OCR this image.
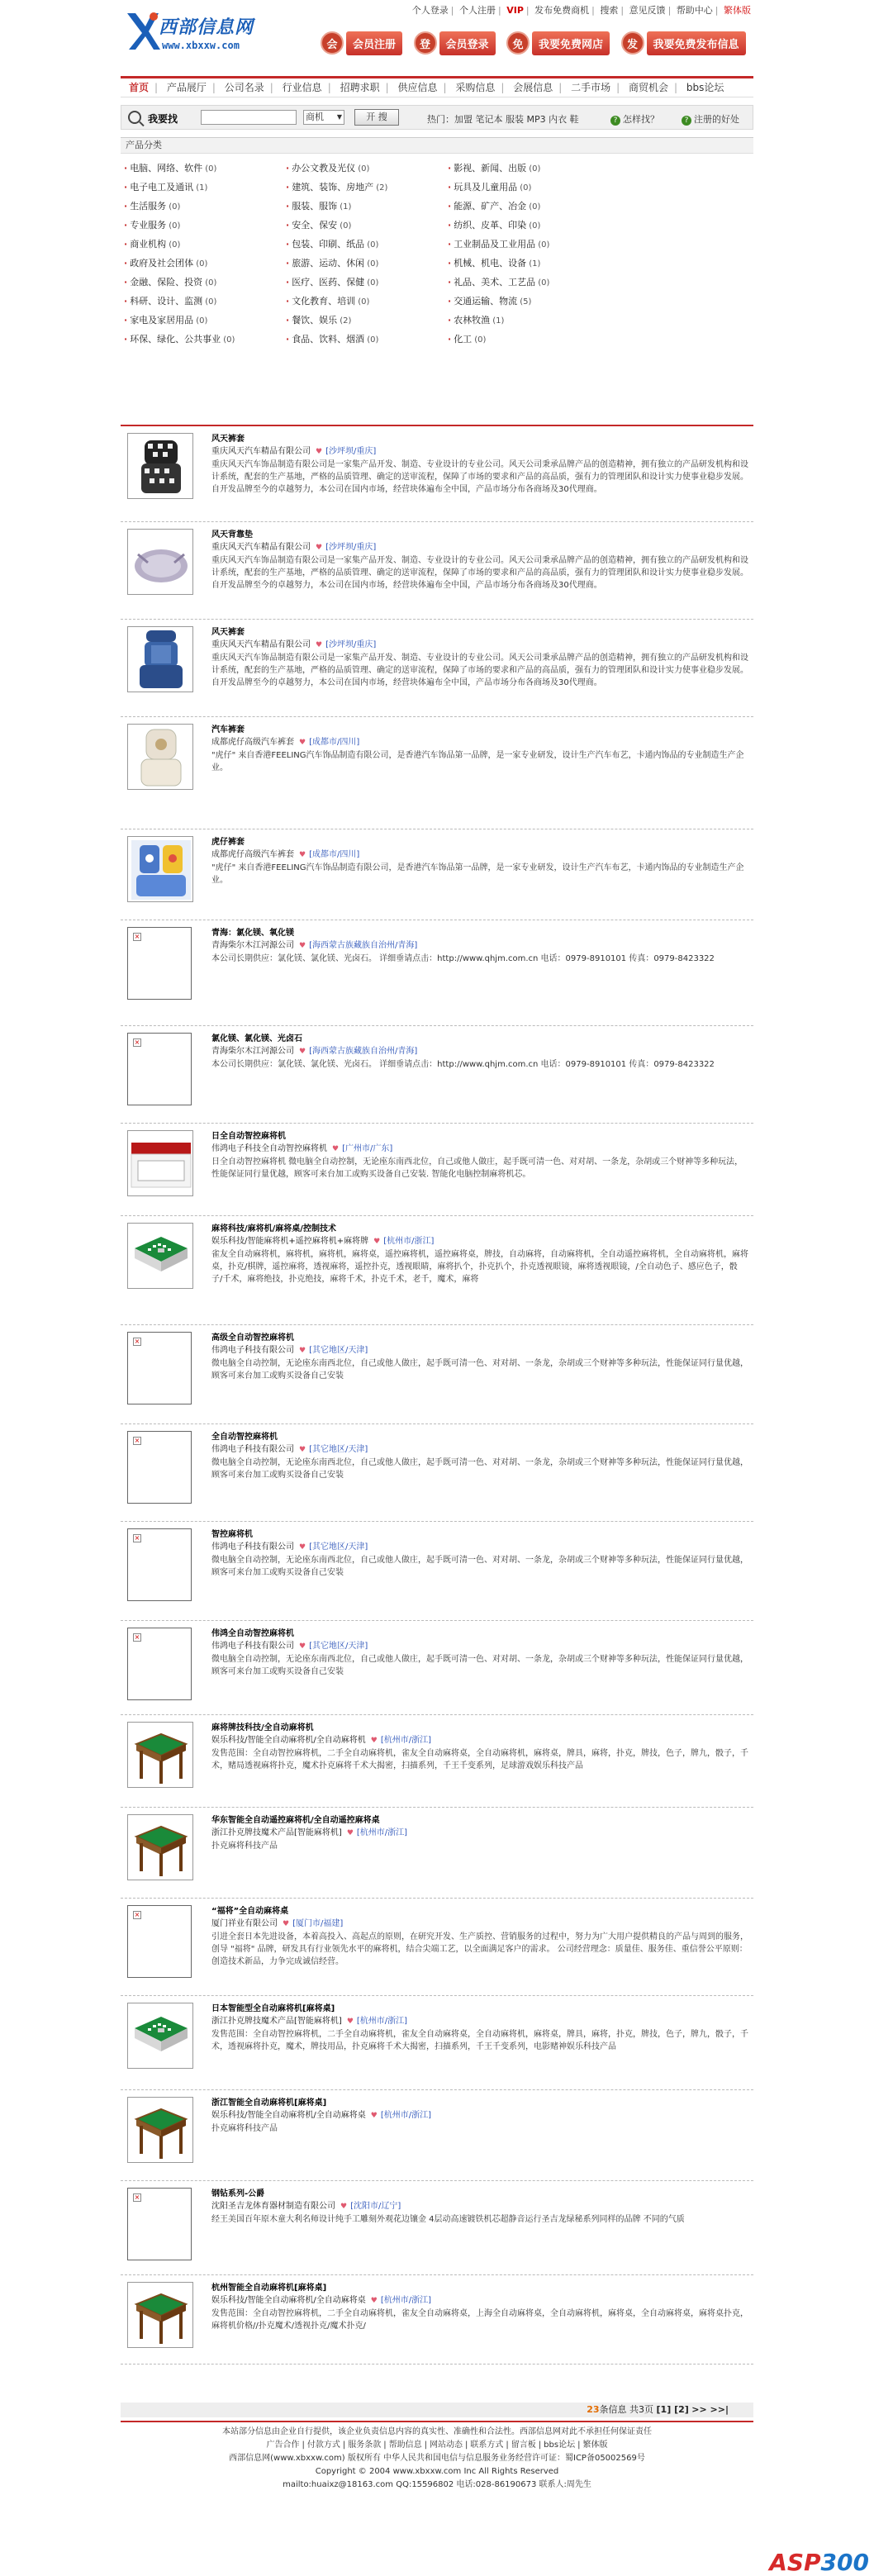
西部信息网
www.xbxxw.com
个人登录 | 个人注册 | VIP | 发布免费商机 | 搜索 | 意见反馈 | 帮助中心 | 繁体版
会	会员注册
	登	会员登录
	免	我要免费网店
	发	我要免费发布信息
首页 | 产品展厅 | 公司名录 | 行业信息 | 招聘求职 | 供应信息 | 采购信息 | 会展信息 | 二手市场 | 商贸机会 | bbs论坛
我要找	商机 ▼	开 搜	热门：加盟 笔记本 服装 MP3 内衣 鞋	? 怎样找？	? 注册的好处
产品分类
· 电脑、网络、软件 (0)	· 办公文教及光仪 (0)	· 影视、新闻、出版 (0)
· 电子电工及通讯 (1)	· 建筑、装饰、房地产 (2)	· 玩具及儿童用品 (0)
· 生活服务 (0)	· 服装、服饰 (1)	· 能源、矿产、冶金 (0)
· 专业服务 (0)	· 安全、保安 (0)	· 纺织、皮革、印染 (0)
· 商业机构 (0)	· 包装、印刷、纸品 (0)	· 工业制品及工业用品 (0)
· 政府及社会团体 (0)	· 旅游、运动、休闲 (0)	· 机械、机电、设备 (1)
· 金融、保险、投资 (0)	· 医疗、医药、保健 (0)	· 礼品、美术、工艺品 (0)
· 科研、设计、监测 (0)	· 文化教育、培训 (0)	· 交通运输、物流 (5)
· 家电及家居用品 (0)	· 餐饮、娱乐 (2)	· 农林牧渔 (1)
· 环保、绿化、公共事业 (0)	· 食品、饮料、烟酒 (0)	· 化工 (0)
风天裤套
重庆风天汽车精品有限公司 ♥ [沙坪坝/重庆]
重庆风天汽车饰品制造有限公司是一家集产品开发、制造、专业设计的专业公司。风天公司秉承品牌产品的创造精神，拥有独立的产品研发机构和设计系统，配套的生产基地，严格的品质管理、确定的送审流程，保障了市场的要求和产品的高品质，强有力的管理团队和设计实力使事业稳步发展。自开发品牌至今的卓越努力，本公司在国内市场，经营块体遍布全中国，产品市场分布各商场及30代理商。
风天背靠垫
重庆风天汽车精品有限公司 ♥ [沙坪坝/重庆]
重庆风天汽车饰品制造有限公司是一家集产品开发、制造、专业设计的专业公司。风天公司秉承品牌产品的创造精神，拥有独立的产品研发机构和设计系统，配套的生产基地，严格的品质管理、确定的送审流程，保障了市场的要求和产品的高品质，强有力的管理团队和设计实力使事业稳步发展。自开发品牌至今的卓越努力，本公司在国内市场，经营块体遍布全中国，产品市场分布各商场及30代理商。
风天裤套
重庆风天汽车精品有限公司 ♥ [沙坪坝/重庆]
重庆风天汽车饰品制造有限公司是一家集产品开发、制造、专业设计的专业公司。风天公司秉承品牌产品的创造精神，拥有独立的产品研发机构和设计系统，配套的生产基地，严格的品质管理、确定的送审流程，保障了市场的要求和产品的高品质，强有力的管理团队和设计实力使事业稳步发展。自开发品牌至今的卓越努力，本公司在国内市场，经营块体遍布全中国，产品市场分布各商场及30代理商。
汽车裤套
成都虎仔高级汽车裤套 ♥ [成都市/四川]
"虎仔" 来自香港FEELING汽车饰品制造有限公司，是香港汽车饰品第一品牌，是一家专业研发，设计生产汽车布艺，卡通内饰品的专业制造生产企业。
虎仔裤套
成都虎仔高级汽车裤套 ♥ [成都市/四川]
"虎仔" 来自香港FEELING汽车饰品制造有限公司，是香港汽车饰品第一品牌，是一家专业研发，设计生产汽车布艺，卡通内饰品的专业制造生产企业。
×	青海：氯化镁、氧化镁
青海柴尔木江河源公司 ♥ [海西蒙古族藏族自治州/青海]
本公司长期供应：氯化镁、氯化镁、光卤石。 详细垂请点击：http://www.qhjm.com.cn 电话：0979-8910101 传真：0979-8423322
×	氯化镁、氯化镁、光卤石
青海柴尔木江河源公司 ♥ [海西蒙古族藏族自治州/青海]
本公司长期供应：氯化镁、氯化镁、光卤石。 详细垂请点击：http://www.qhjm.com.cn 电话：0979-8910101 传真：0979-8423322
日全自动智控麻将机
伟鸿电子科技全自动智控麻将机 ♥ [广州市/广东]
日全自动智控麻将机 微电脑全自动控制，无论座东南西北位，自己或他人做庄，起手既可清一色、对对胡、一条龙，杂胡或三个财神等多种玩法，性能保证同行量优越，顾客可来台加工或购买设备自己安装. 智能化电脑控制麻将机芯。
麻将科技/麻将机/麻将桌/控制技术
娱乐科技/智能麻将机+遥控麻将机+麻将牌 ♥ [杭州市/浙江]
雀友全自动麻将机，麻将机，麻将机，麻将桌，遥控麻将机，遥控麻将桌，牌技，自动麻将，自动麻将机，全自动遥控麻将机，全自动麻将机，麻将桌，扑克/棋牌，遥控麻将，透视麻将，遥控扑克，透视眼睛，麻将扒个，扑克扒个，扑克透视眼镜，麻将透视眼镜，/全自动色子、感应色子，骰子/千术，麻将绝技，扑克绝技，麻将千术，扑克千术，老千，魔术，麻将
×	高级全自动智控麻将机
伟鸿电子科技有限公司 ♥ [其它地区/天津]
微电脑全自动控制，无论座东南西北位，自己或他人做庄，起手既可清一色、对对胡、一条龙，杂胡或三个财神等多种玩法，性能保证同行量优越，顾客可来台加工或购买设备自己安装
×	全自动智控麻将机
伟鸿电子科技有限公司 ♥ [其它地区/天津]
微电脑全自动控制，无论座东南西北位，自己或他人做庄，起手既可清一色、对对胡、一条龙，杂胡或三个财神等多种玩法，性能保证同行量优越，顾客可来台加工或购买设备自己安装
×	智控麻将机
伟鸿电子科技有限公司 ♥ [其它地区/天津]
微电脑全自动控制，无论座东南西北位，自己或他人做庄，起手既可清一色、对对胡、一条龙，杂胡或三个财神等多种玩法，性能保证同行量优越，顾客可来台加工或购买设备自己安装
×	伟鸿全自动智控麻将机
伟鸿电子科技有限公司 ♥ [其它地区/天津]
微电脑全自动控制，无论座东南西北位，自己或他人做庄，起手既可清一色、对对胡、一条龙，杂胡或三个财神等多种玩法，性能保证同行量优越，顾客可来台加工或购买设备自己安装
麻将牌技科技/全自动麻将机
娱乐科技/智能全自动麻将机/全自动麻将机 ♥ [杭州市/浙江]
发售范围：全自动智控麻将机，二手全自动麻将机，雀友全自动麻将桌，全自动麻将机，麻将桌，牌具，麻将，扑克，牌技，色子，牌九，骰子，千术，赌局透视麻将扑克，魔术扑克麻将千术大揭密，扫描系列，千王千变系列，足球游戏娱乐科技产品
华东智能全自动遥控麻将机/全自动遥控麻将桌
浙江扑克牌技魔术产品[智能麻将机] ♥ [杭州市/浙江]
扑克麻将科技产品
×	“福将”全自动麻将桌
厦门祥业有限公司 ♥ [厦门市/福建]
引进全套日本先进设备，本着高投入、高起点的原则，在研究开发、生产质控、营销服务的过程中，努力为广大用户提供精良的产品与周到的服务，创导 "福将" 品牌，研发具有行业领先水平的麻将机，结合尖端工艺，以全面满足客户的需求。 公司经营理念：质量佳、服务佳、重信誉公平原则：创造技术新品，力争完成诚信经营。
日本智能型全自动麻将机[麻将桌]
浙江扑克牌技魔术产品[智能麻将机] ♥ [杭州市/浙江]
发售范围：全自动智控麻将机，二手全自动麻将机，雀友全自动麻将桌，全自动麻将机，麻将桌，牌具，麻将，扑克，牌技，色子，牌九，骰子，千术，透视麻将扑克，魔术，牌技用品，扑克麻将千术大揭密，扫描系列，千王千变系列，电影赌神娱乐科技产品
浙江智能全自动麻将机[麻将桌]
娱乐科技/智能全自动麻将机/全自动麻将桌 ♥ [杭州市/浙江]
扑克麻将科技产品
×	钢钻系列-公爵
沈阳圣吉龙体育器材制造有限公司 ♥ [沈阳市/辽宁]
经王美国百年原木童大利名师设计纯手工雕刻外观花边镶金 4层动高速镀铁机芯超静音运行圣吉龙绿秘系列同样的品牌 不同的气质
杭州智能全自动麻将机[麻将桌]
娱乐科技/智能全自动麻将机/全自动麻将桌 ♥ [杭州市/浙江]
发售范围：全自动智控麻将机，二手全自动麻将机，雀友全自动麻将桌，上海全自动麻将桌，全自动麻将机，麻将桌，全自动麻将桌，麻将桌扑克，麻将机价格//扑克魔术/透视扑克/魔术扑克/
23条信息 共3页 [1] [2] >> >>|
本站部分信息由企业自行提供，该企业负责信息内容的真实性、准确性和合法性。西部信息网对此不承担任何保证责任
广告合作 | 付款方式 | 服务条款 | 帮助信息 | 网站动态 | 联系方式 | 留言板 | bbs论坛 | 繁体版
西部信息网(www.xbxxw.com) 版权所有 中华人民共和国电信与信息服务业务经营许可证：蜀ICP备05002569号
Copyright © 2004 www.xbxxw.com Inc All Rights Reserved
mailto:huaixz@18163.com QQ:15596802 电话:028-86190673 联系人:周先生
ASP300
